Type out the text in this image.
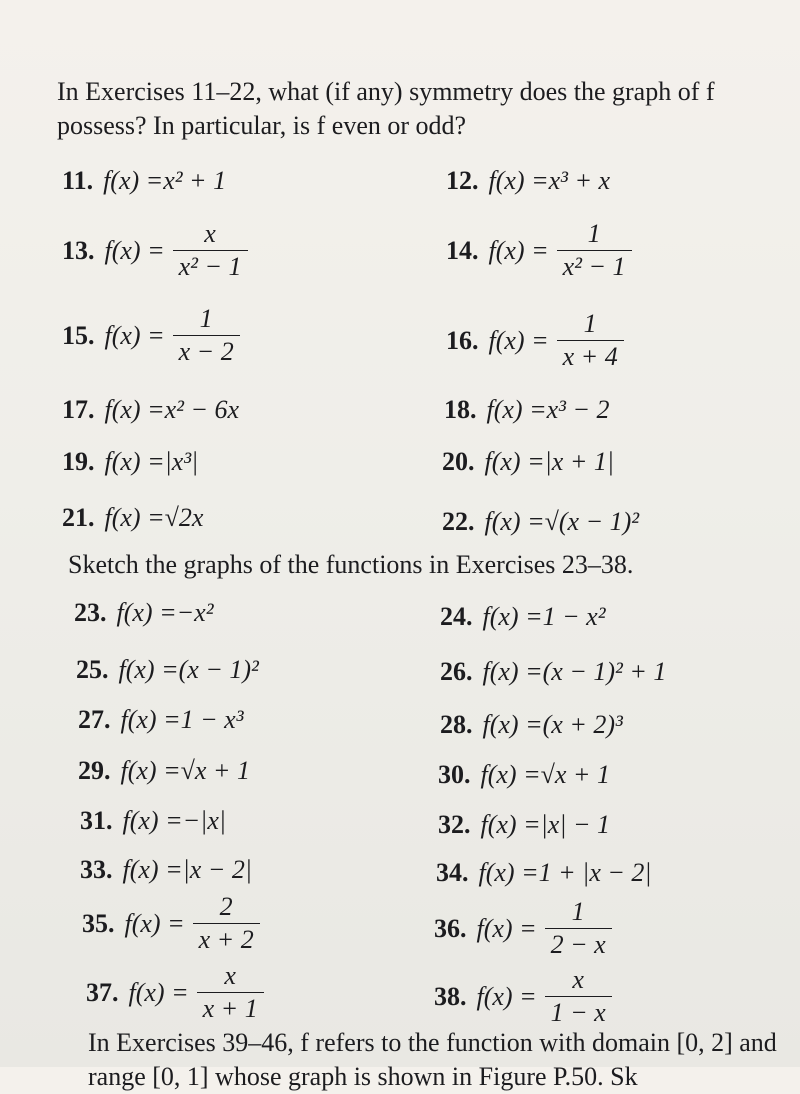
In Exercises 11–22, what (if any) symmetry does the graph of f
possess? In particular, is f even or odd?
11. f(x) = x² + 1	12. f(x) = x³ + x
13. $f(x) = \frac{x}{\text{x² − 1}}$	14. $f(x) = \frac{1}{\text{x² − 1}}$
15. $f(x) = \frac{1}{x - 2}$	16. $f(x) = \frac{1}{x + 4}$
17. f(x) = x² − 6x	18. f(x) = x³ − 2
19. f(x) = |x³|	20. f(x) = |x + 1|
21. f(x) = √2x	22. f(x) = √(x − 1)²
Sketch the graphs of the functions in Exercises 23–38.
23. f(x) = −x²	24. f(x) = 1 − x²
25. f(x) = (x − 1)²	26. f(x) = (x − 1)² + 1
27. f(x) = 1 − x³	28. f(x) = (x + 2)³
29. f(x) = √x + 1	30. f(x) = √x + 1
31. f(x) = −|x|	32. f(x) = |x| − 1
33. f(x) = |x − 2|	34. f(x) = 1 + |x − 2|
35. $f(x) = \frac{2}{x + 2}$	36. $f(x) = \frac{1}{2 - x}$
37. $f(x) = \frac{x}{x + 1}$	38. $f(x) = \frac{x}{1 - x}$
In Exercises 39–46, f refers to the function with domain [0, 2] and
range [0, 1] whose graph is shown in Figure P.50. Sk
